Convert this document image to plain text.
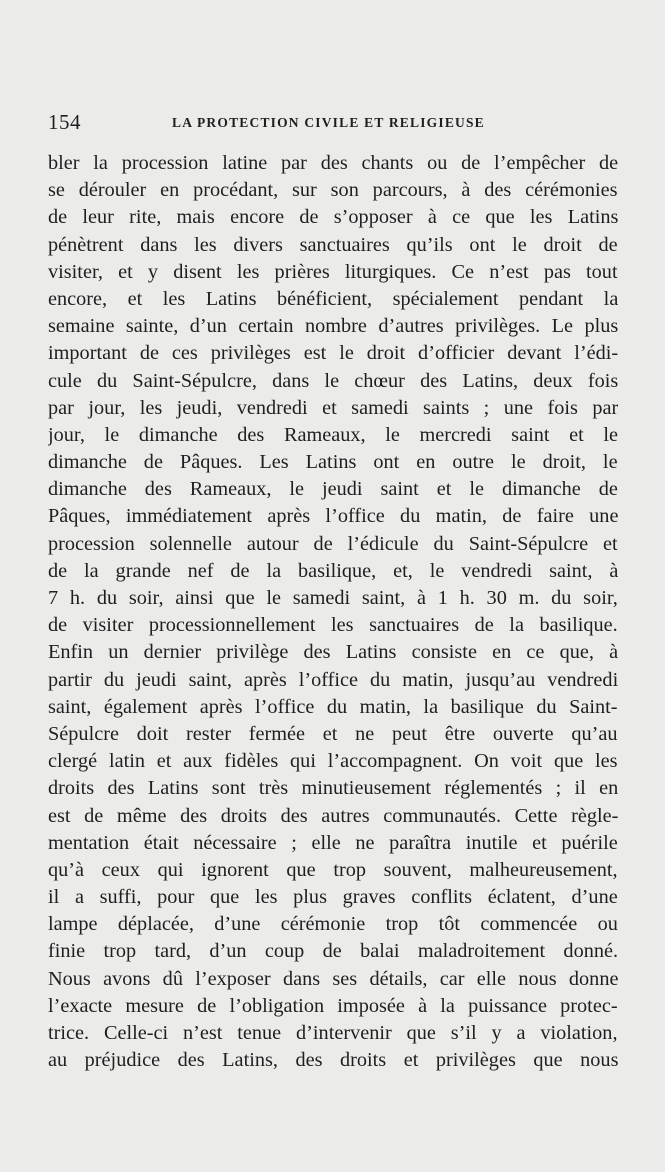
154	LA PROTECTION CIVILE ET RELIGIEUSE
bler la procession latine par des chants ou de l’empêcher de
se dérouler en procédant, sur son parcours, à des cérémonies
de leur rite, mais encore de s’opposer à ce que les Latins
pénètrent dans les divers sanctuaires qu’ils ont le droit de
visiter, et y disent les prières liturgiques. Ce n’est pas tout
encore, et les Latins bénéficient, spécialement pendant la
semaine sainte, d’un certain nombre d’autres privilèges. Le plus
important de ces privilèges est le droit d’officier devant l’édi-
cule du Saint-Sépulcre, dans le chœur des Latins, deux fois
par jour, les jeudi, vendredi et samedi saints ; une fois par
jour, le dimanche des Rameaux, le mercredi saint et le
dimanche de Pâques. Les Latins ont en outre le droit, le
dimanche des Rameaux, le jeudi saint et le dimanche de
Pâques, immédiatement après l’office du matin, de faire une
procession solennelle autour de l’édicule du Saint-Sépulcre et
de la grande nef de la basilique, et, le vendredi saint, à
7 h. du soir, ainsi que le samedi saint, à 1 h. 30 m. du soir,
de visiter processionnellement les sanctuaires de la basilique.
Enfin un dernier privilège des Latins consiste en ce que, à
partir du jeudi saint, après l’office du matin, jusqu’au vendredi
saint, également après l’office du matin, la basilique du Saint-
Sépulcre doit rester fermée et ne peut être ouverte qu’au
clergé latin et aux fidèles qui l’accompagnent. On voit que les
droits des Latins sont très minutieusement réglementés ; il en
est de même des droits des autres communautés. Cette règle-
mentation était nécessaire ; elle ne paraîtra inutile et puérile
qu’à ceux qui ignorent que trop souvent, malheureusement,
il a suffi, pour que les plus graves conflits éclatent, d’une
lampe déplacée, d’une cérémonie trop tôt commencée ou
finie trop tard, d’un coup de balai maladroitement donné.
Nous avons dû l’exposer dans ses détails, car elle nous donne
l’exacte mesure de l’obligation imposée à la puissance protec-
trice. Celle-ci n’est tenue d’intervenir que s’il y a violation,
au préjudice des Latins, des droits et privilèges que nous
